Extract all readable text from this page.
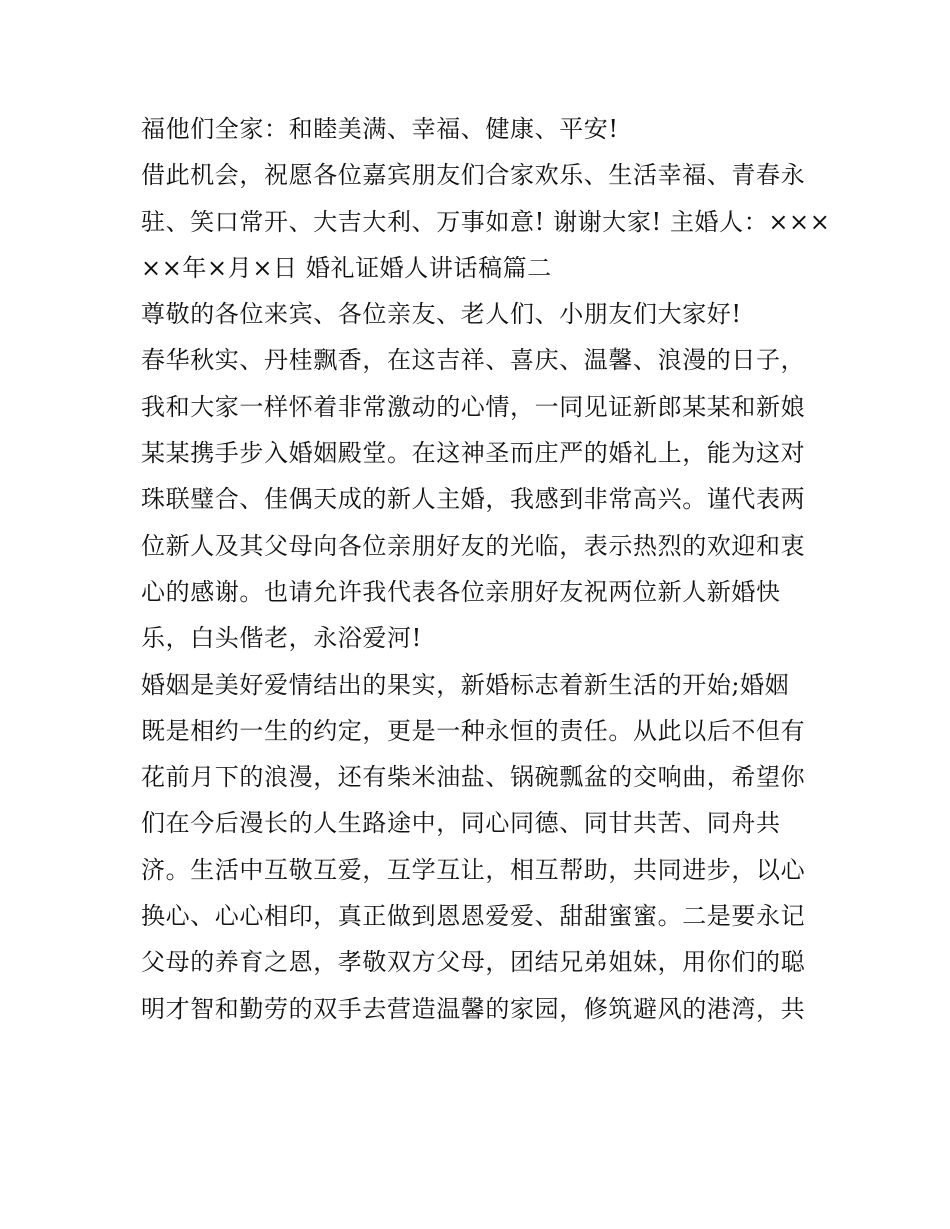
福他们全家：和睦美满、幸福、健康、平安!
借此机会，祝愿各位嘉宾朋友们合家欢乐、生活幸福、青春永
驻、笑口常开、大吉大利、万事如意! 谢谢大家! 主婚人：×××
××年×月×日 婚礼证婚人讲话稿篇二
尊敬的各位来宾、各位亲友、老人们、小朋友们大家好!
春华秋实、丹桂飘香，在这吉祥、喜庆、温馨、浪漫的日子，
我和大家一样怀着非常激动的心情，一同见证新郎某某和新娘
某某携手步入婚姻殿堂。在这神圣而庄严的婚礼上，能为这对
珠联璧合、佳偶天成的新人主婚，我感到非常高兴。谨代表两
位新人及其父母向各位亲朋好友的光临，表示热烈的欢迎和衷
心的感谢。也请允许我代表各位亲朋好友祝两位新人新婚快
乐，白头偕老，永浴爱河!
婚姻是美好爱情结出的果实，新婚标志着新生活的开始;婚姻
既是相约一生的约定，更是一种永恒的责任。从此以后不但有
花前月下的浪漫，还有柴米油盐、锅碗瓢盆的交响曲，希望你
们在今后漫长的人生路途中，同心同德、同甘共苦、同舟共
济。生活中互敬互爱，互学互让，相互帮助，共同进步，以心
换心、心心相印，真正做到恩恩爱爱、甜甜蜜蜜。二是要永记
父母的养育之恩，孝敬双方父母，团结兄弟姐妹，用你们的聪
明才智和勤劳的双手去营造温馨的家园，修筑避风的港湾，共
